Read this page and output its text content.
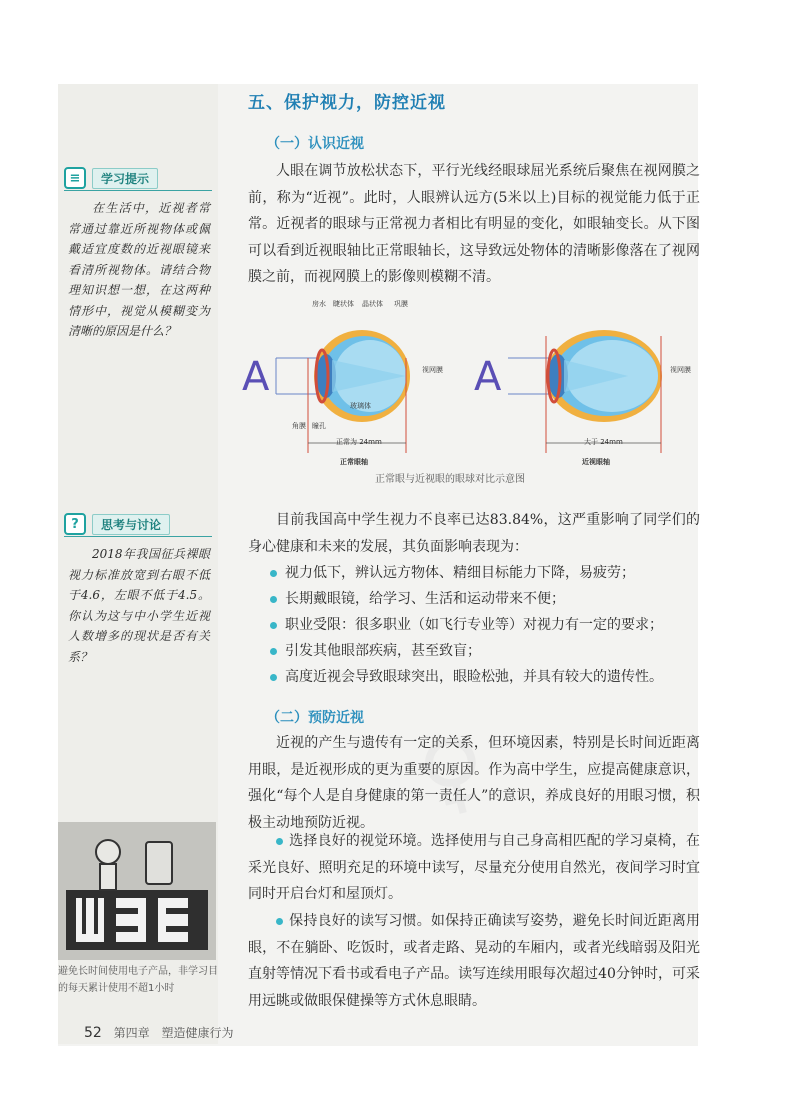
♀
五、保护视力，防控近视
（一）认识近视

人眼在调节放松状态下，平行光线经眼球屈光系统后聚焦在视网膜之前，称为“近视”。此时，人眼辨认远方(5米以上)目标的视觉能力低于正常。近视者的眼球与正常视力者相比有明显的变化，如眼轴变长。从下图可以看到近视眼轴比正常眼轴长，这导致远处物体的清晰影像落在了视网膜之前，而视网膜上的影像则模糊不清。

≡	学习提示

在生活中，近视者常常通过靠近所视物体或佩戴适宜度数的近视眼镜来看清所视物体。请结合物理知识想一想，在这两种情形中，视觉从模糊变为清晰的原因是什么？

A
房水 睫状体 晶状体 巩膜
视网膜
玻璃体
角膜 瞳孔
正常为 24mm
正常眼轴
A	视网膜
大于 24mm
近视眼轴
正常眼与近视眼的眼球对比示意图
?	思考与讨论

2018年我国征兵裸眼视力标准放宽到右眼不低于4.6，左眼不低于4.5。你认为这与中小学生近视人数增多的现状是否有关系？

目前我国高中学生视力不良率已达83.84%，这严重影响了同学们的身心健康和未来的发展，其负面影响表现为：

视力低下，辨认远方物体、精细目标能力下降，易疲劳；
长期戴眼镜，给学习、生活和运动带来不便；
职业受限：很多职业（如飞行专业等）对视力有一定的要求；
引发其他眼部疾病，甚至致盲；
高度近视会导致眼球突出，眼睑松弛，并具有较大的遗传性。
（二）预防近视

近视的产生与遗传有一定的关系，但环境因素，特别是长时间近距离用眼，是近视形成的更为重要的原因。作为高中学生，应提高健康意识，强化“每个人是自身健康的第一责任人”的意识，养成良好的用眼习惯，积极主动地预防近视。

选择良好的视觉环境。选择使用与自己身高相匹配的学习桌椅，在采光良好、照明充足的环境中读写，尽量充分使用自然光，夜间学习时宜同时开启台灯和屋顶灯。

保持良好的读写习惯。如保持正确读写姿势，避免长时间近距离用眼，不在躺卧、吃饭时，或者走路、晃动的车厢内，或者光线暗弱及阳光直射等情况下看书或看电子产品。读写连续用眼每次超过40分钟时，可采用远眺或做眼保健操等方式休息眼睛。

避免长时间使用电子产品，非学习目的每天累计使用不超1小时

52 第四章 塑造健康行为
